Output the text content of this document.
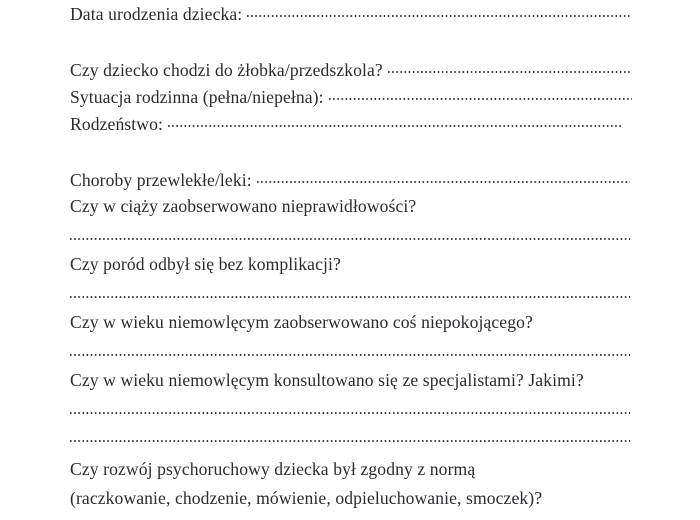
Data urodzenia dziecka:
Czy dziecko chodzi do żłobka/przedszkola?
Sytuacja rodzinna (pełna/niepełna):
Rodzeństwo:
Choroby przewlekłe/leki:
Czy w ciąży zaobserwowano nieprawidłowości?
Czy poród odbył się bez komplikacji?
Czy w wieku niemowlęcym zaobserwowano coś niepokojącego?
Czy w wieku niemowlęcym konsultowano się ze specjalistami? Jakimi?
Czy rozwój psychoruchowy dziecka był zgodny z normą
(raczkowanie, chodzenie, mówienie, odpieluchowanie, smoczek)?
